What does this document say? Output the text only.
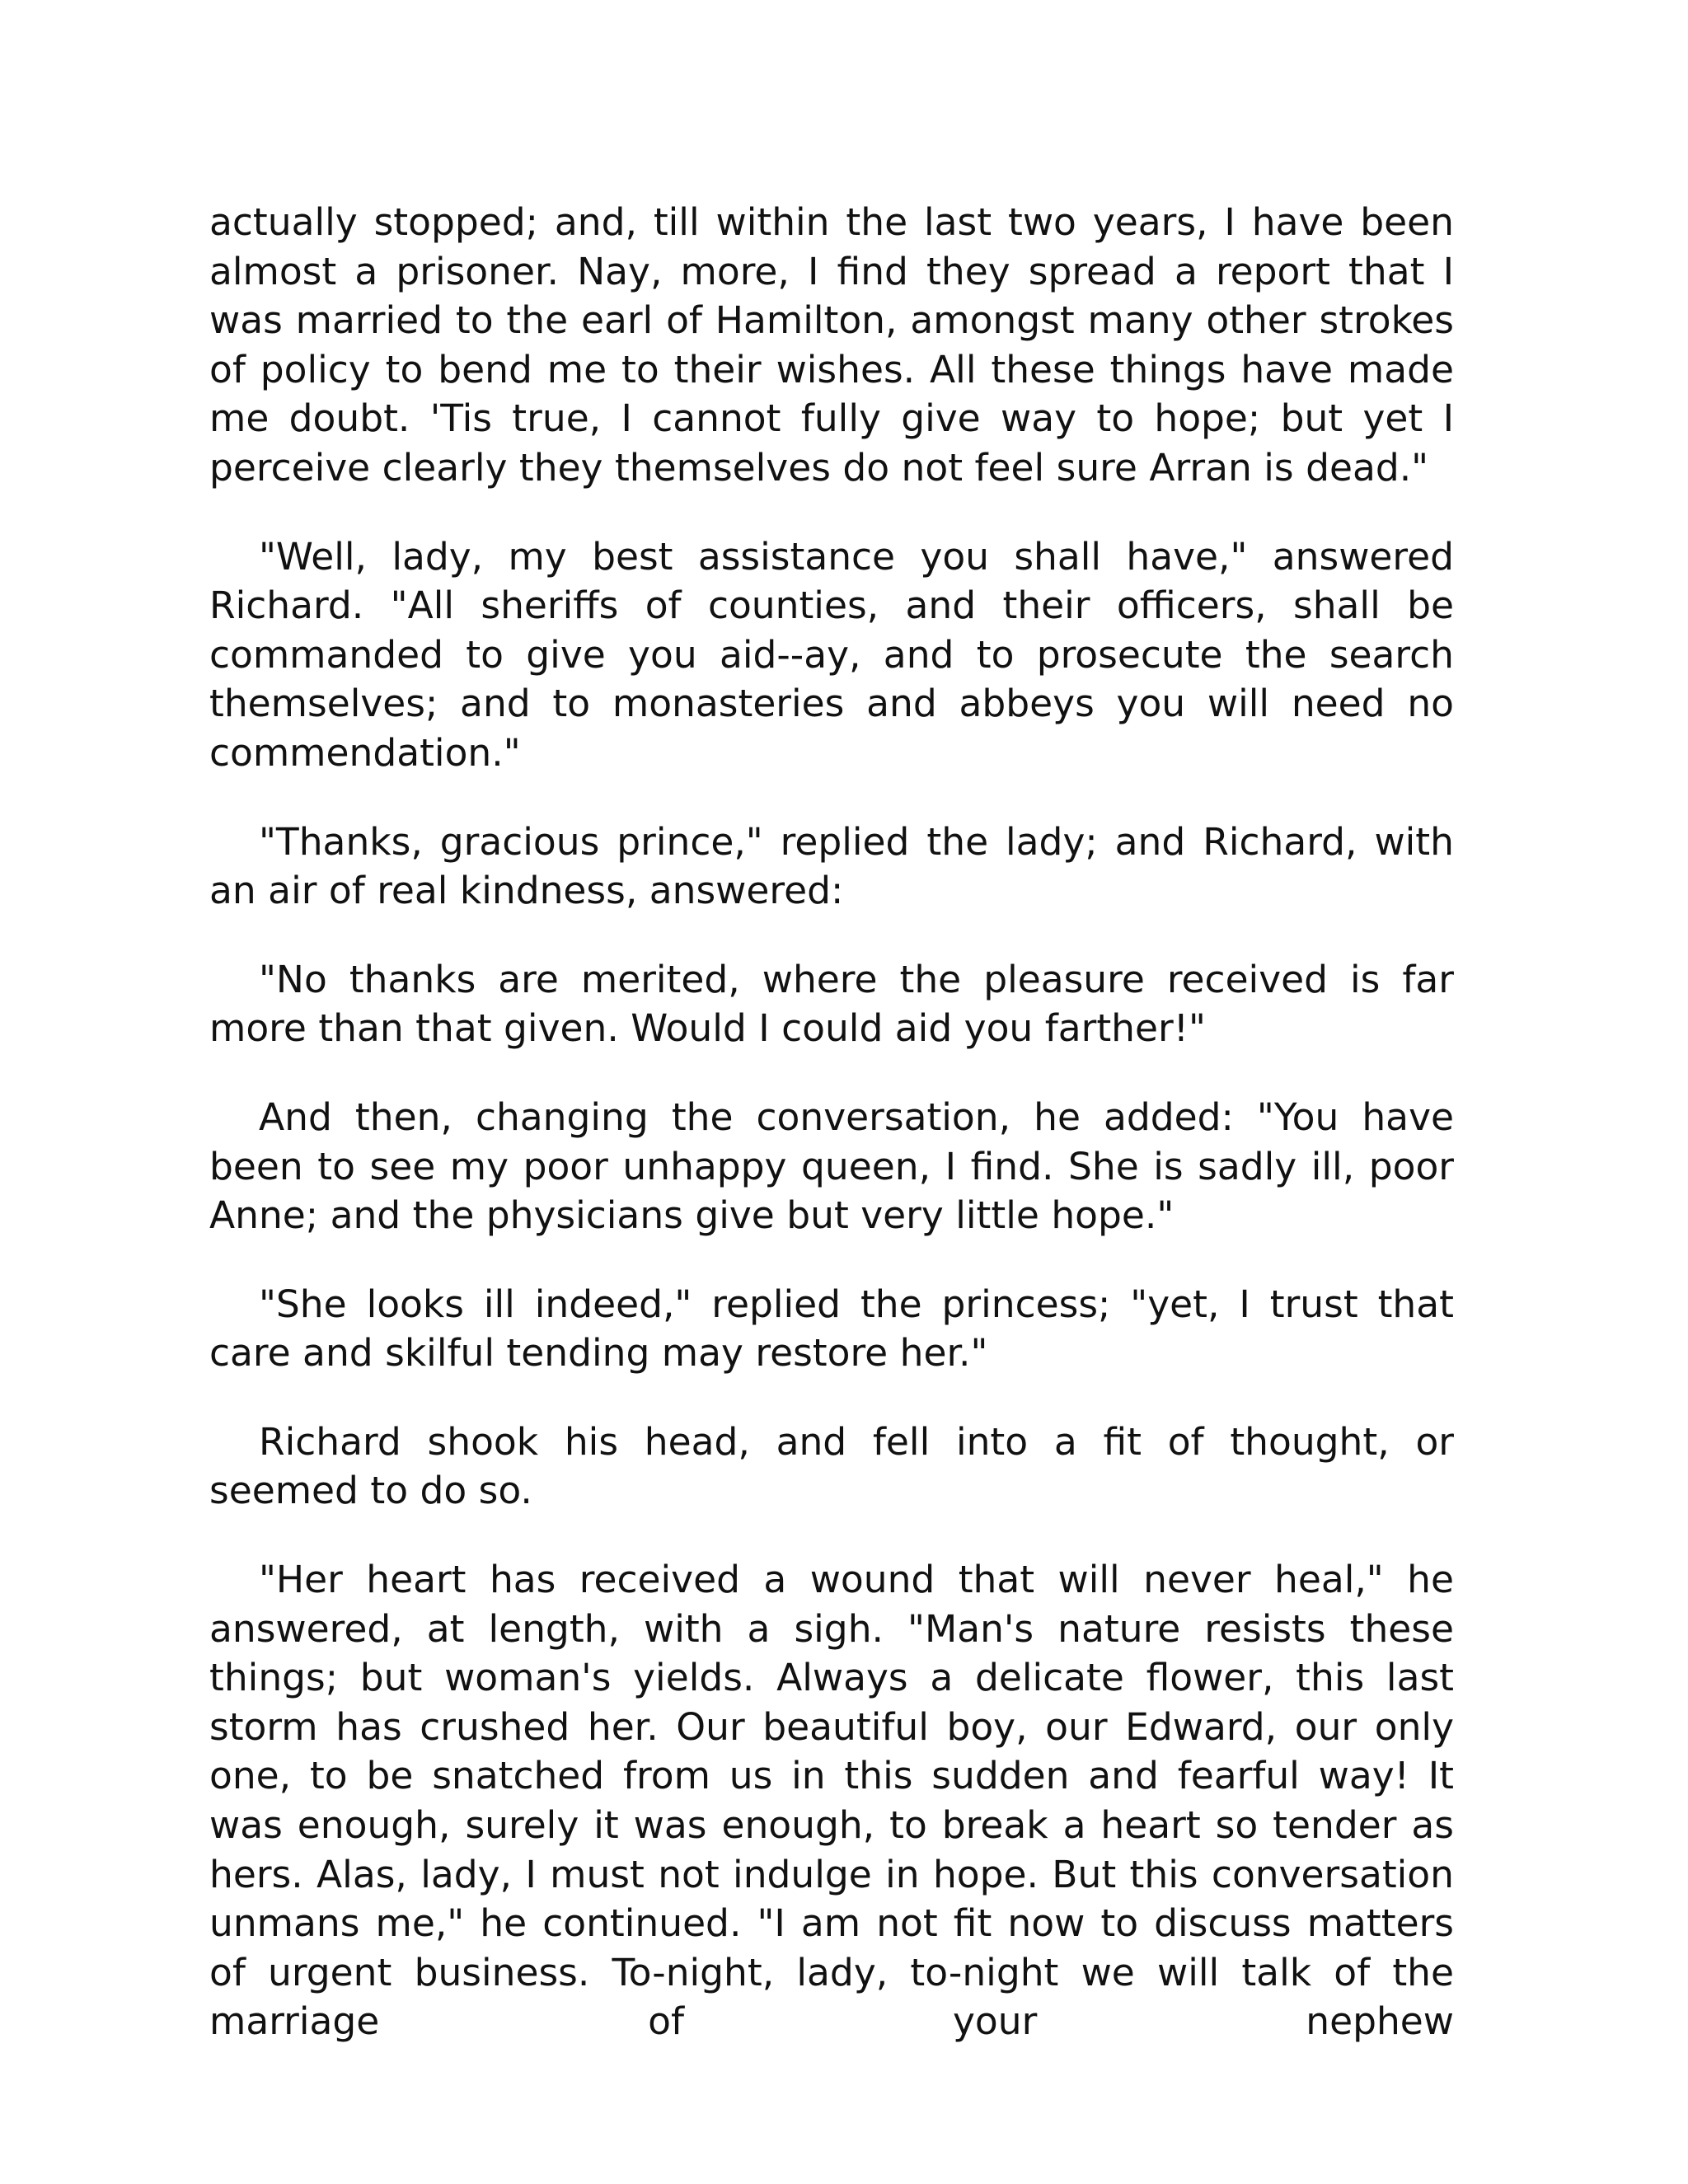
actually stopped; and, till within the last two years, I have been almost a prisoner. Nay, more, I find they spread a report that I was married to the earl of Hamilton, amongst many other strokes of policy to bend me to their wishes. All these things have made me doubt. 'Tis true, I cannot fully give way to hope; but yet I perceive clearly they themselves do not feel sure Arran is dead."

"Well, lady, my best assistance you shall have," answered Richard. "All sheriffs of counties, and their officers, shall be commanded to give you aid--ay, and to prosecute the search themselves; and to monasteries and abbeys you will need no commendation."

"Thanks, gracious prince," replied the lady; and Richard, with an air of real kindness, answered:

"No thanks are merited, where the pleasure received is far more than that given. Would I could aid you farther!"

And then, changing the conversation, he added: "You have been to see my poor unhappy queen, I find. She is sadly ill, poor Anne; and the physicians give but very little hope."

"She looks ill indeed," replied the princess; "yet, I trust that care and skilful tending may restore her."

Richard shook his head, and fell into a fit of thought, or seemed to do so.

"Her heart has received a wound that will never heal," he answered, at length, with a sigh. "Man's nature resists these things; but woman's yields. Always a delicate flower, this last storm has crushed her. Our beautiful boy, our Edward, our only one, to be snatched from us in this sudden and fearful way! It was enough, surely it was enough, to break a heart so tender as hers. Alas, lady, I must not indulge in hope. But this conversation unmans me," he continued. "I am not fit now to discuss matters of urgent business. To-night, lady, to-night we will talk of the marriage of your nephew
